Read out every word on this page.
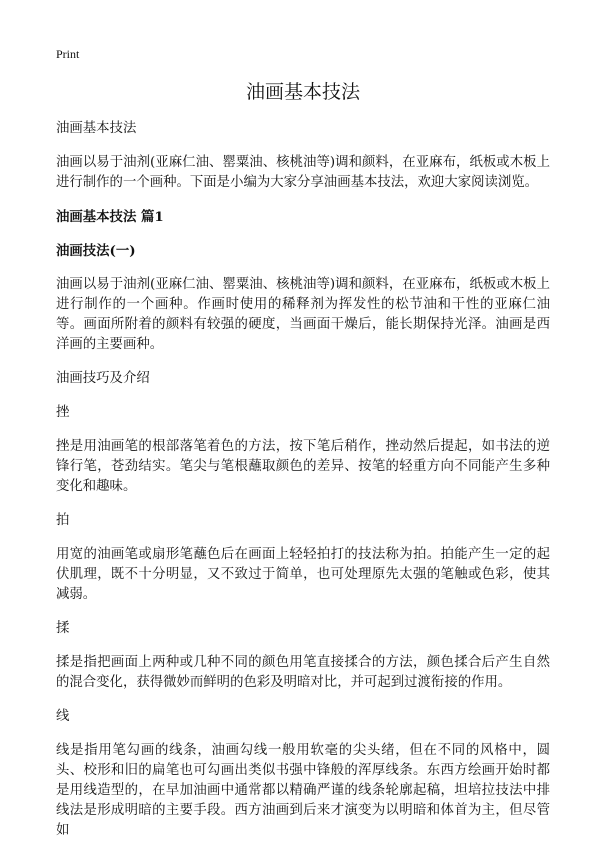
Print
油画基本技法

油画基本技法

油画以易于油剂(亚麻仁油、罂粟油、核桃油等)调和颜料，在亚麻布，纸板或木板上进行制作的一个画种。下面是小编为大家分享油画基本技法，欢迎大家阅读浏览。

油画基本技法 篇1

油画技法(一)

油画以易于油剂(亚麻仁油、罂粟油、核桃油等)调和颜料，在亚麻布，纸板或木板上进行制作的一个画种。作画时使用的稀释剂为挥发性的松节油和干性的亚麻仁油等。画面所附着的颜料有较强的硬度，当画面干燥后，能长期保持光泽。油画是西洋画的主要画种。

油画技巧及介绍

挫

挫是用油画笔的根部落笔着色的方法，按下笔后稍作，挫动然后提起，如书法的逆锋行笔，苍劲结实。笔尖与笔根蘸取颜色的差异、按笔的轻重方向不同能产生多种变化和趣味。

拍

用宽的油画笔或扇形笔蘸色后在画面上轻轻拍打的技法称为拍。拍能产生一定的起伏肌理，既不十分明显，又不致过于简单，也可处理原先太强的笔触或色彩，使其减弱。

揉

揉是指把画面上两种或几种不同的颜色用笔直接揉合的方法，颜色揉合后产生自然的混合变化，获得微妙而鲜明的色彩及明暗对比，并可起到过渡衔接的作用。

线

线是指用笔勾画的线条，油画勾线一般用软毫的尖头绪，但在不同的风格中，圆头、校形和旧的扁笔也可勾画出类似书强中锋般的浑厚线条。东西方绘画开始时都是用线造型的，在早加油画中通常都以精确严谨的线条轮廓起稿，坦培拉技法中排线法是形成明暗的主要手段。西方油画到后来才演变为以明暗和体首为主，但尽管如
